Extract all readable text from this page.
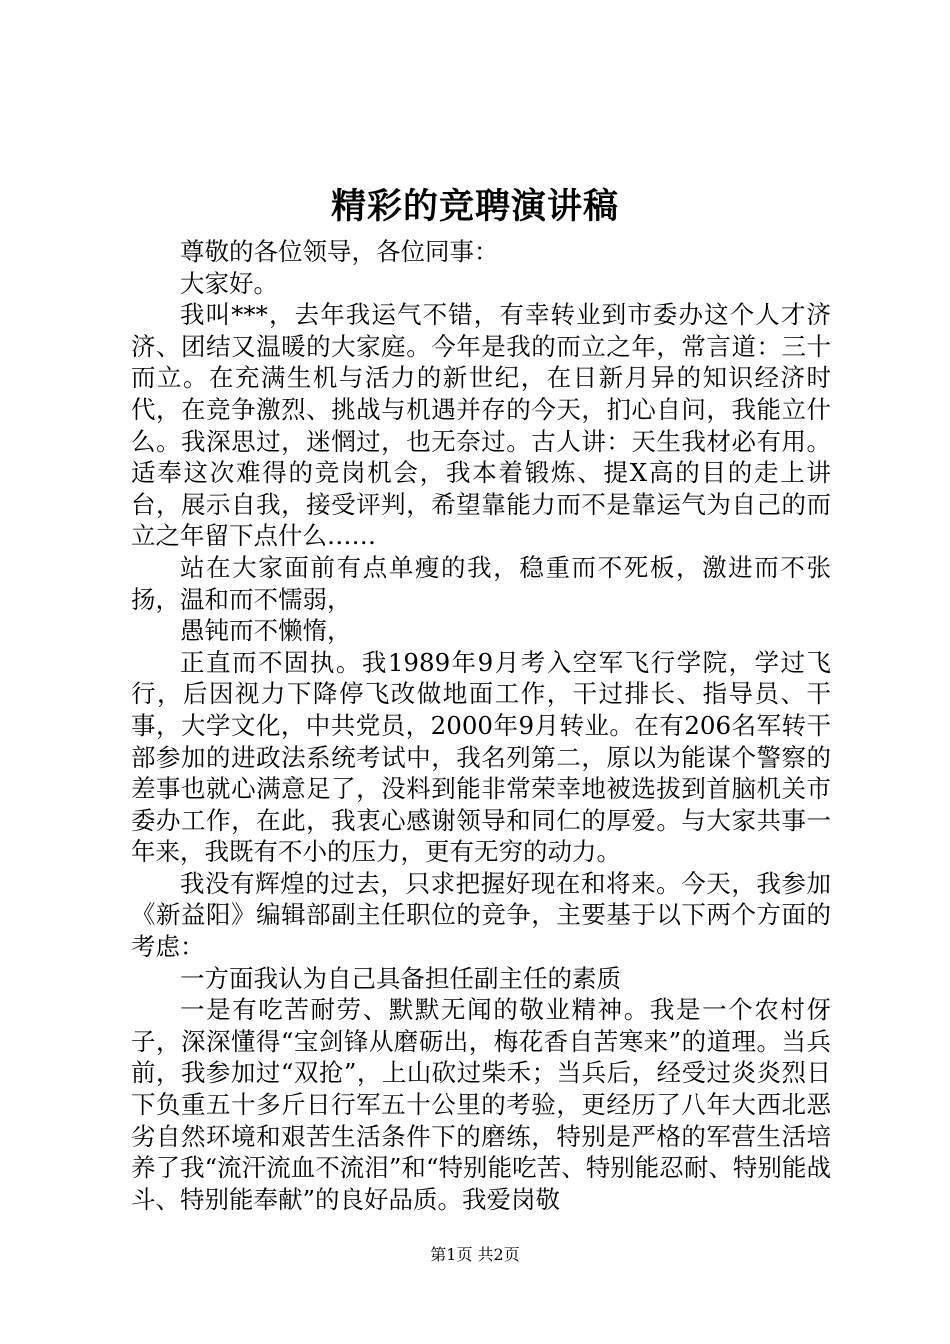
精彩的竞聘演讲稿

尊敬的各位领导，各位同事：

大家好。

我叫***，去年我运气不错，有幸转业到市委办这个人才济济、团结又温暖的大家庭。今年是我的而立之年，常言道：三十而立。在充满生机与活力的新世纪，在日新月异的知识经济时代，在竞争激烈、挑战与机遇并存的今天，扪心自问，我能立什么。我深思过，迷惘过，也无奈过。古人讲：天生我材必有用。适奉这次难得的竞岗机会，我本着锻炼、提X高的目的走上讲台，展示自我，接受评判，希望靠能力而不是靠运气为自己的而立之年留下点什么……

站在大家面前有点单瘦的我，稳重而不死板，激进而不张扬，温和而不懦弱，

愚钝而不懒惰，

正直而不固执。我1989年9月考入空军飞行学院，学过飞行，后因视力下降停飞改做地面工作，干过排长、指导员、干事，大学文化，中共党员，2000年9月转业。在有206名军转干部参加的进政法系统考试中，我名列第二，原以为能谋个警察的差事也就心满意足了，没料到能非常荣幸地被选拔到首脑机关市委办工作，在此，我衷心感谢领导和同仁的厚爱。与大家共事一年来，我既有不小的压力，更有无穷的动力。

我没有辉煌的过去，只求把握好现在和将来。今天，我参加《新益阳》编辑部副主任职位的竞争，主要基于以下两个方面的考虑：

一方面我认为自己具备担任副主任的素质

一是有吃苦耐劳、默默无闻的敬业精神。我是一个农村伢子，深深懂得“宝剑锋从磨砺出，梅花香自苦寒来”的道理。当兵前，我参加过“双抢”，上山砍过柴禾；当兵后，经受过炎炎烈日下负重五十多斤日行军五十公里的考验，更经历了八年大西北恶劣自然环境和艰苦生活条件下的磨练，特别是严格的军营生活培养了我“流汗流血不流泪”和“特别能吃苦、特别能忍耐、特别能战斗、特别能奉献”的良好品质。我爱岗敬

第1页 共2页
